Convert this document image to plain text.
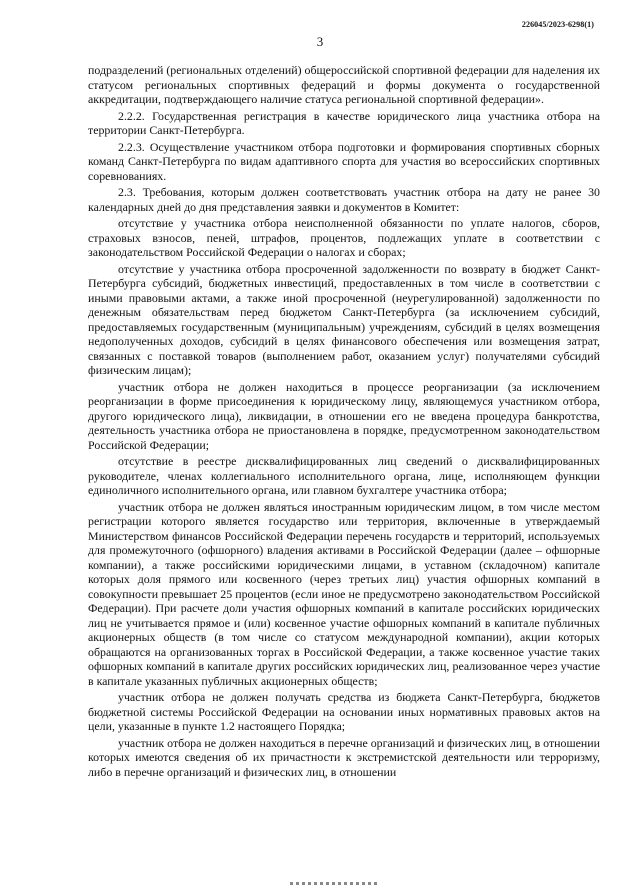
226045/2023-6298(1)
3

подразделений (региональных отделений) общероссийской спортивной федерации для наделения их статусом региональных спортивных федераций и формы документа о государственной аккредитации, подтверждающего наличие статуса региональной спортивной федерации».

2.2.2. Государственная регистрация в качестве юридического лица участника отбора на территории Санкт-Петербурга.

2.2.3. Осуществление участником отбора подготовки и формирования спортивных сборных команд Санкт-Петербурга по видам адаптивного спорта для участия во всероссийских спортивных соревнованиях.

2.3. Требования, которым должен соответствовать участник отбора на дату не ранее 30 календарных дней до дня представления заявки и документов в Комитет:

отсутствие у участника отбора неисполненной обязанности по уплате налогов, сборов, страховых взносов, пеней, штрафов, процентов, подлежащих уплате в соответствии с законодательством Российской Федерации о налогах и сборах;

отсутствие у участника отбора просроченной задолженности по возврату в бюджет Санкт-Петербурга субсидий, бюджетных инвестиций, предоставленных в том числе в соответствии с иными правовыми актами, а также иной просроченной (неурегулированной) задолженности по денежным обязательствам перед бюджетом Санкт-Петербурга (за исключением субсидий, предоставляемых государственным (муниципальным) учреждениям, субсидий в целях возмещения недополученных доходов, субсидий в целях финансового обеспечения или возмещения затрат, связанных с поставкой товаров (выполнением работ, оказанием услуг) получателями субсидий физическим лицам);

участник отбора не должен находиться в процессе реорганизации (за исключением реорганизации в форме присоединения к юридическому лицу, являющемуся участником отбора, другого юридического лица), ликвидации, в отношении его не введена процедура банкротства, деятельность участника отбора не приостановлена в порядке, предусмотренном законодательством Российской Федерации;

отсутствие в реестре дисквалифицированных лиц сведений о дисквалифицированных руководителе, членах коллегиального исполнительного органа, лице, исполняющем функции единоличного исполнительного органа, или главном бухгалтере участника отбора;

участник отбора не должен являться иностранным юридическим лицом, в том числе местом регистрации которого является государство или территория, включенные в утверждаемый Министерством финансов Российской Федерации перечень государств и территорий, используемых для промежуточного (офшорного) владения активами в Российской Федерации (далее – офшорные компании), а также российскими юридическими лицами, в уставном (складочном) капитале которых доля прямого или косвенного (через третьих лиц) участия офшорных компаний в совокупности превышает 25 процентов (если иное не предусмотрено законодательством Российской Федерации). При расчете доли участия офшорных компаний в капитале российских юридических лиц не учитывается прямое и (или) косвенное участие офшорных компаний в капитале публичных акционерных обществ (в том числе со статусом международной компании), акции которых обращаются на организованных торгах в Российской Федерации, а также косвенное участие таких офшорных компаний в капитале других российских юридических лиц, реализованное через участие в капитале указанных публичных акционерных обществ;

участник отбора не должен получать средства из бюджета Санкт-Петербурга, бюджетов бюджетной системы Российской Федерации на основании иных нормативных правовых актов на цели, указанные в пункте 1.2 настоящего Порядка;

участник отбора не должен находиться в перечне организаций и физических лиц, в отношении которых имеются сведения об их причастности к экстремистской деятельности или терроризму, либо в перечне организаций и физических лиц, в отношении
